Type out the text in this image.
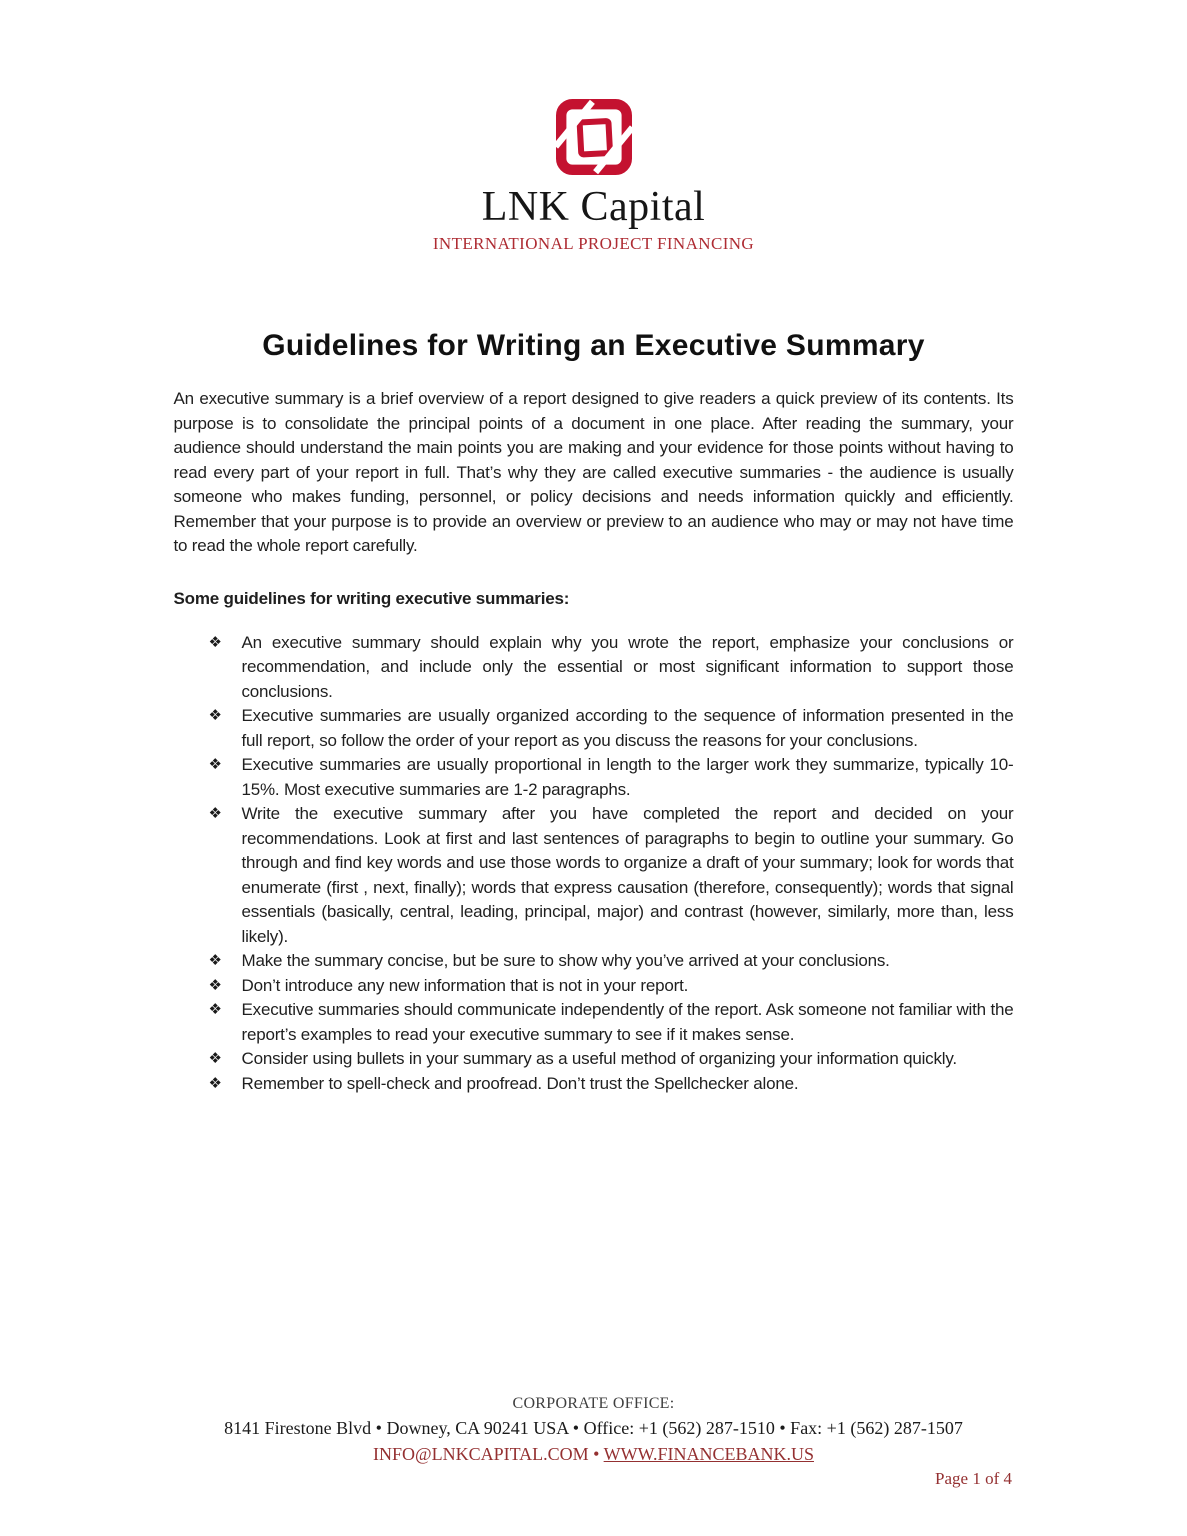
LNK Capital
INTERNATIONAL PROJECT FINANCING
Guidelines for Writing an Executive Summary

An executive summary is a brief overview of a report designed to give readers a quick preview of its contents. Its purpose is to consolidate the principal points of a document in one place. After reading the summary, your audience should understand the main points you are making and your evidence for those points without having to read every part of your report in full. That’s why they are called executive summaries - the audience is usually someone who makes funding, personnel, or policy decisions and needs information quickly and efficiently. Remember that your purpose is to provide an overview or preview to an audience who may or may not have time to read the whole report carefully.

Some guidelines for writing executive summaries:
❖ An executive summary should explain why you wrote the report, emphasize your conclusions or recommendation, and include only the essential or most significant information to support those conclusions.
❖ Executive summaries are usually organized according to the sequence of information presented in the full report, so follow the order of your report as you discuss the reasons for your conclusions.
❖ Executive summaries are usually proportional in length to the larger work they summarize, typically 10-15%. Most executive summaries are 1-2 paragraphs.
❖ Write the executive summary after you have completed the report and decided on your recommendations. Look at first and last sentences of paragraphs to begin to outline your summary. Go through and find key words and use those words to organize a draft of your summary; look for words that enumerate (first , next, finally); words that express causation (therefore, consequently); words that signal essentials (basically, central, leading, principal, major) and contrast (however, similarly, more than, less likely).
❖ Make the summary concise, but be sure to show why you’ve arrived at your conclusions.
❖ Don’t introduce any new information that is not in your report.
❖ Executive summaries should communicate independently of the report. Ask someone not familiar with the report’s examples to read your executive summary to see if it makes sense.
❖ Consider using bullets in your summary as a useful method of organizing your information quickly.
❖ Remember to spell-check and proofread. Don’t trust the Spellchecker alone.
CORPORATE OFFICE:
8141 Firestone Blvd • Downey, CA 90241 USA • Office: +1 (562) 287-1510 • Fax: +1 (562) 287-1507
INFO@LNKCAPITAL.COM • WWW.FINANCEBANK.US
Page 1 of 4
